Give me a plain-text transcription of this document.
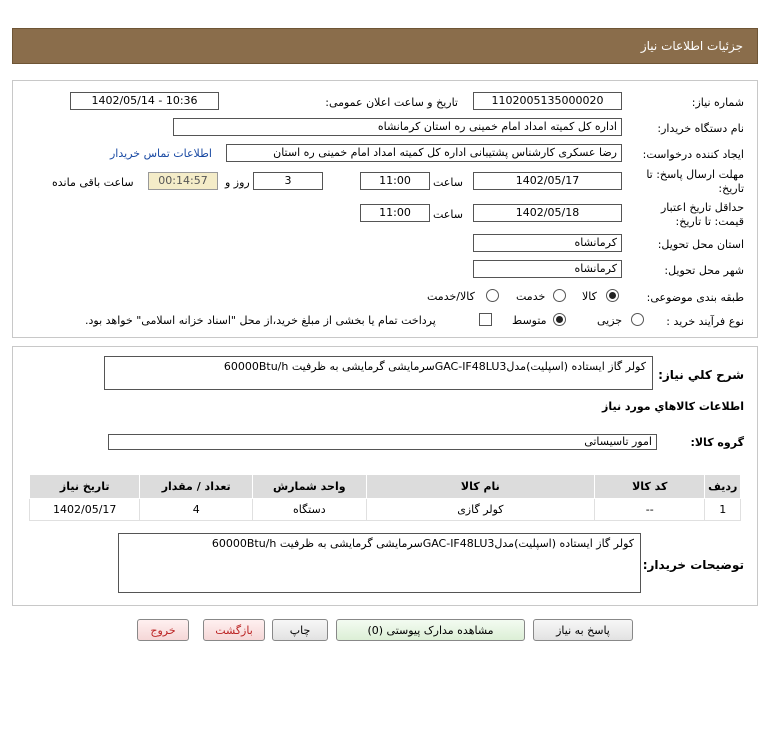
جزئیات اطلاعات نیاز
شماره نیاز:
1102005135000020
تاریخ و ساعت اعلان عمومی:
1402/05/14 - 10:36
نام دستگاه خریدار:
اداره کل کمیته امداد امام خمینی ره استان کرمانشاه
ایجاد کننده درخواست:
رضا عسکری کارشناس پشتیبانی اداره کل کمیته امداد امام خمینی ره استان
اطلاعات تماس خریدار
مهلت ارسال پاسخ: تا
تاریخ:
1402/05/17
ساعت
11:00
3
روز و
00:14:57
ساعت باقی مانده
حداقل تاریخ اعتبار
قیمت: تا تاریخ:
1402/05/18
ساعت
11:00
استان محل تحویل:
کرمانشاه
شهر محل تحویل:
کرمانشاه
طبقه بندی موضوعی:
کالا
خدمت
کالا/خدمت
نوع فرآیند خرید :
جزیی
متوسط
پرداخت تمام یا بخشی از مبلغ خرید،از محل "اسناد خزانه اسلامی" خواهد بود.
شرح کلي نياز:
کولر گاز ایستاده (اسپلیت)مدلGAC-IF48LU3سرمایشی گرمایشی به ظرفیت 60000Btu/h
اطلاعات کالاهاي مورد نياز
گروه کالا:
امور تاسیساتی
ردیف	کد کالا	نام کالا	واحد شمارش	تعداد / مقدار	تاریخ نیاز
1	--	کولر گازی	دستگاه	4	1402/05/17
توضیحات خریدار:
کولر گاز ایستاده (اسپلیت)مدلGAC-IF48LU3سرمایشی گرمایشی به ظرفیت 60000Btu/h
پاسخ به نیاز
مشاهده مدارک پیوستی (0)
چاپ
بازگشت
خروج
